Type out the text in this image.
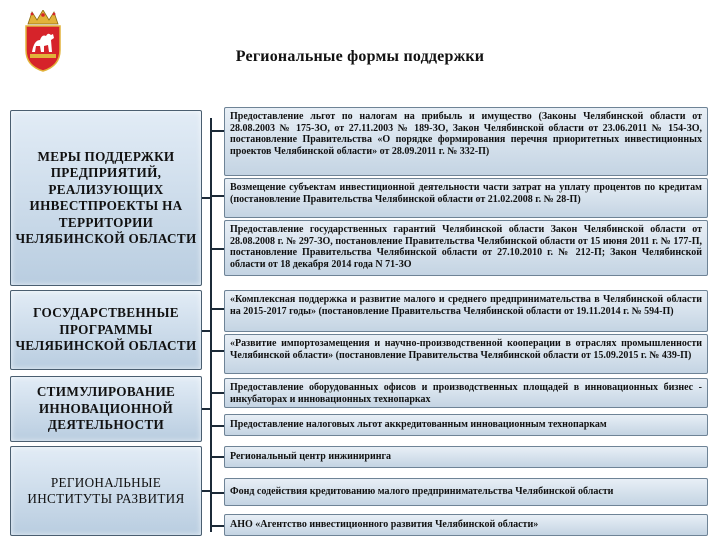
Региональные формы поддержки
МЕРЫ ПОДДЕРЖКИ ПРЕДПРИЯТИЙ, РЕАЛИЗУЮЩИХ ИНВЕСТПРОЕКТЫ НА ТЕРРИТОРИИ ЧЕЛЯБИНСКОЙ ОБЛАСТИ
ГОСУДАРСТВЕННЫЕ ПРОГРАММЫ ЧЕЛЯБИНСКОЙ ОБЛАСТИ
СТИМУЛИРОВАНИЕ ИННОВАЦИОННОЙ ДЕЯТЕЛЬНОСТИ
РЕГИОНАЛЬНЫЕ ИНСТИТУТЫ РАЗВИТИЯ
Предоставление льгот по налогам на прибыль и имущество (Законы Челябинской области от 28.08.2003 № 175-ЗО, от 27.11.2003 № 189-ЗО, Закон Челябинской области от 23.06.2011 № 154-ЗО, постановление Правительства «О порядке формирования перечня приоритетных инвестиционных проектов Челябинской области» от 28.09.2011 г. № 332-П)
Возмещение субъектам инвестиционной деятельности части затрат на уплату процентов по кредитам (постановление Правительства Челябинской области от 21.02.2008 г. № 28-П)
Предоставление государственных гарантий Челябинской области Закон Челябинской области от 28.08.2008 г. № 297-ЗО, постановление Правительства Челябинской области от 15 июня 2011 г. № 177-П, постановление Правительства Челябинской области от 27.10.2010 г. № 212-П; Закон Челябинской области от 18 декабря 2014 года N 71-ЗО
«Комплексная поддержка и развитие малого и среднего предпринимательства в Челябинской области на 2015-2017 годы» (постановление Правительства Челябинской области от 19.11.2014 г. № 594-П)
«Развитие импортозамещения и научно-производственной кооперации в отраслях промышленности Челябинской области» (постановление Правительства Челябинской области от 15.09.2015 г. № 439-П)
Предоставление оборудованных офисов и производственных площадей в инновационных бизнес - инкубаторах и инновационных технопарках
Предоставление налоговых льгот аккредитованным инновационным технопаркам
Региональный центр инжиниринга
Фонд содействия кредитованию малого предпринимательства Челябинской области
АНО «Агентство инвестиционного развития Челябинской области»
